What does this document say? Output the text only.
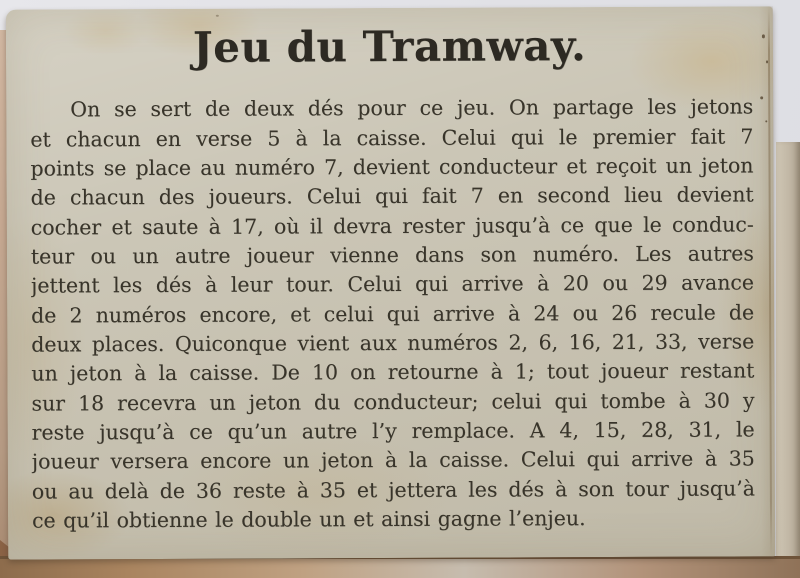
Jeu du Tramway.
On se sert de deux dés pour ce jeu. On partage les jetons
et chacun en verse 5 à la caisse. Celui qui le premier fait 7
points se place au numéro 7, devient conducteur et reçoit un jeton
de chacun des joueurs. Celui qui fait 7 en second lieu devient
cocher et saute à 17, où il devra rester jusqu’à ce que le conduc-
teur ou un autre joueur vienne dans son numéro. Les autres
jettent les dés à leur tour. Celui qui arrive à 20 ou 29 avance
de 2 numéros encore, et celui qui arrive à 24 ou 26 recule de
deux places. Quiconque vient aux numéros 2, 6, 16, 21, 33, verse
un jeton à la caisse. De 10 on retourne à 1; tout joueur restant
sur 18 recevra un jeton du conducteur; celui qui tombe à 30 y
reste jusqu’à ce qu’un autre l’y remplace. A 4, 15, 28, 31, le
joueur versera encore un jeton à la caisse. Celui qui arrive à 35
ou au delà de 36 reste à 35 et jettera les dés à son tour jusqu’à
ce qu’il obtienne le double un et ainsi gagne l’enjeu.
